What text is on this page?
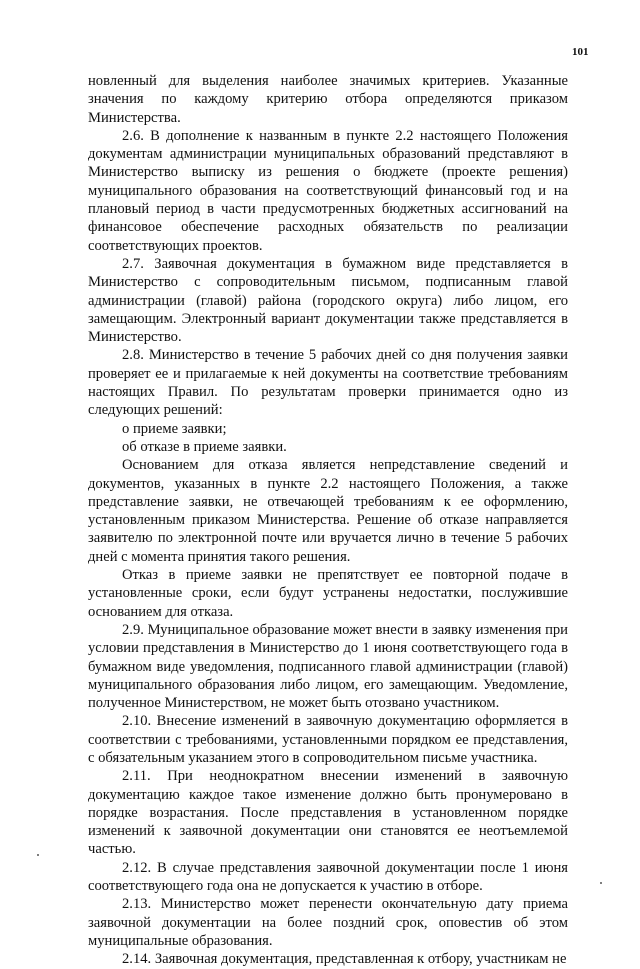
101

новленный для выделения наиболее значимых критериев. Указанные значения по каждому критерию отбора определяются приказом Министерства.

2.6. В дополнение к названным в пункте 2.2 настоящего Положения документам администрации муниципальных образований представляют в Министерство выписку из решения о бюджете (проекте решения) муниципального образования на соответствующий финансовый год и на плановый период в части предусмотренных бюджетных ассигнований на финансовое обеспечение расходных обязательств по реализации соответствующих проектов.

2.7. Заявочная документация в бумажном виде представляется в Министерство с сопроводительным письмом, подписанным главой администрации (главой) района (городского округа) либо лицом, его замещающим. Электронный вариант документации также представляется в Министерство.

2.8. Министерство в течение 5 рабочих дней со дня получения заявки проверяет ее и прилагаемые к ней документы на соответствие требованиям настоящих Правил. По результатам проверки принимается одно из следующих решений:

о приеме заявки;

об отказе в приеме заявки.

Основанием для отказа является непредставление сведений и документов, указанных в пункте 2.2 настоящего Положения, а также представление заявки, не отвечающей требованиям к ее оформлению, установленным приказом Министерства. Решение об отказе направляется заявителю по электронной почте или вручается лично в течение 5 рабочих дней с момента принятия такого решения.

Отказ в приеме заявки не препятствует ее повторной подаче в установленные сроки, если будут устранены недостатки, послужившие основанием для отказа.

2.9. Муниципальное образование может внести в заявку изменения при условии представления в Министерство до 1 июня соответствующего года в бумажном виде уведомления, подписанного главой администрации (главой) муниципального образования либо лицом, его замещающим. Уведомление, полученное Министерством, не может быть отозвано участником.

2.10. Внесение изменений в заявочную документацию оформляется в соответствии с требованиями, установленными порядком ее представления, с обязательным указанием этого в сопроводительном письме участника.

2.11. При неоднократном внесении изменений в заявочную документацию каждое такое изменение должно быть пронумеровано в порядке возрастания. После представления в установленном порядке изменений к заявочной документации они становятся ее неотъемлемой частью.

2.12. В случае представления заявочной документации после 1 июня соответствующего года она не допускается к участию в отборе.

2.13. Министерство может перенести окончательную дату приема заявочной документации на более поздний срок, оповестив об этом муниципальные образования.

2.14. Заявочная документация, представленная к отбору, участникам не
